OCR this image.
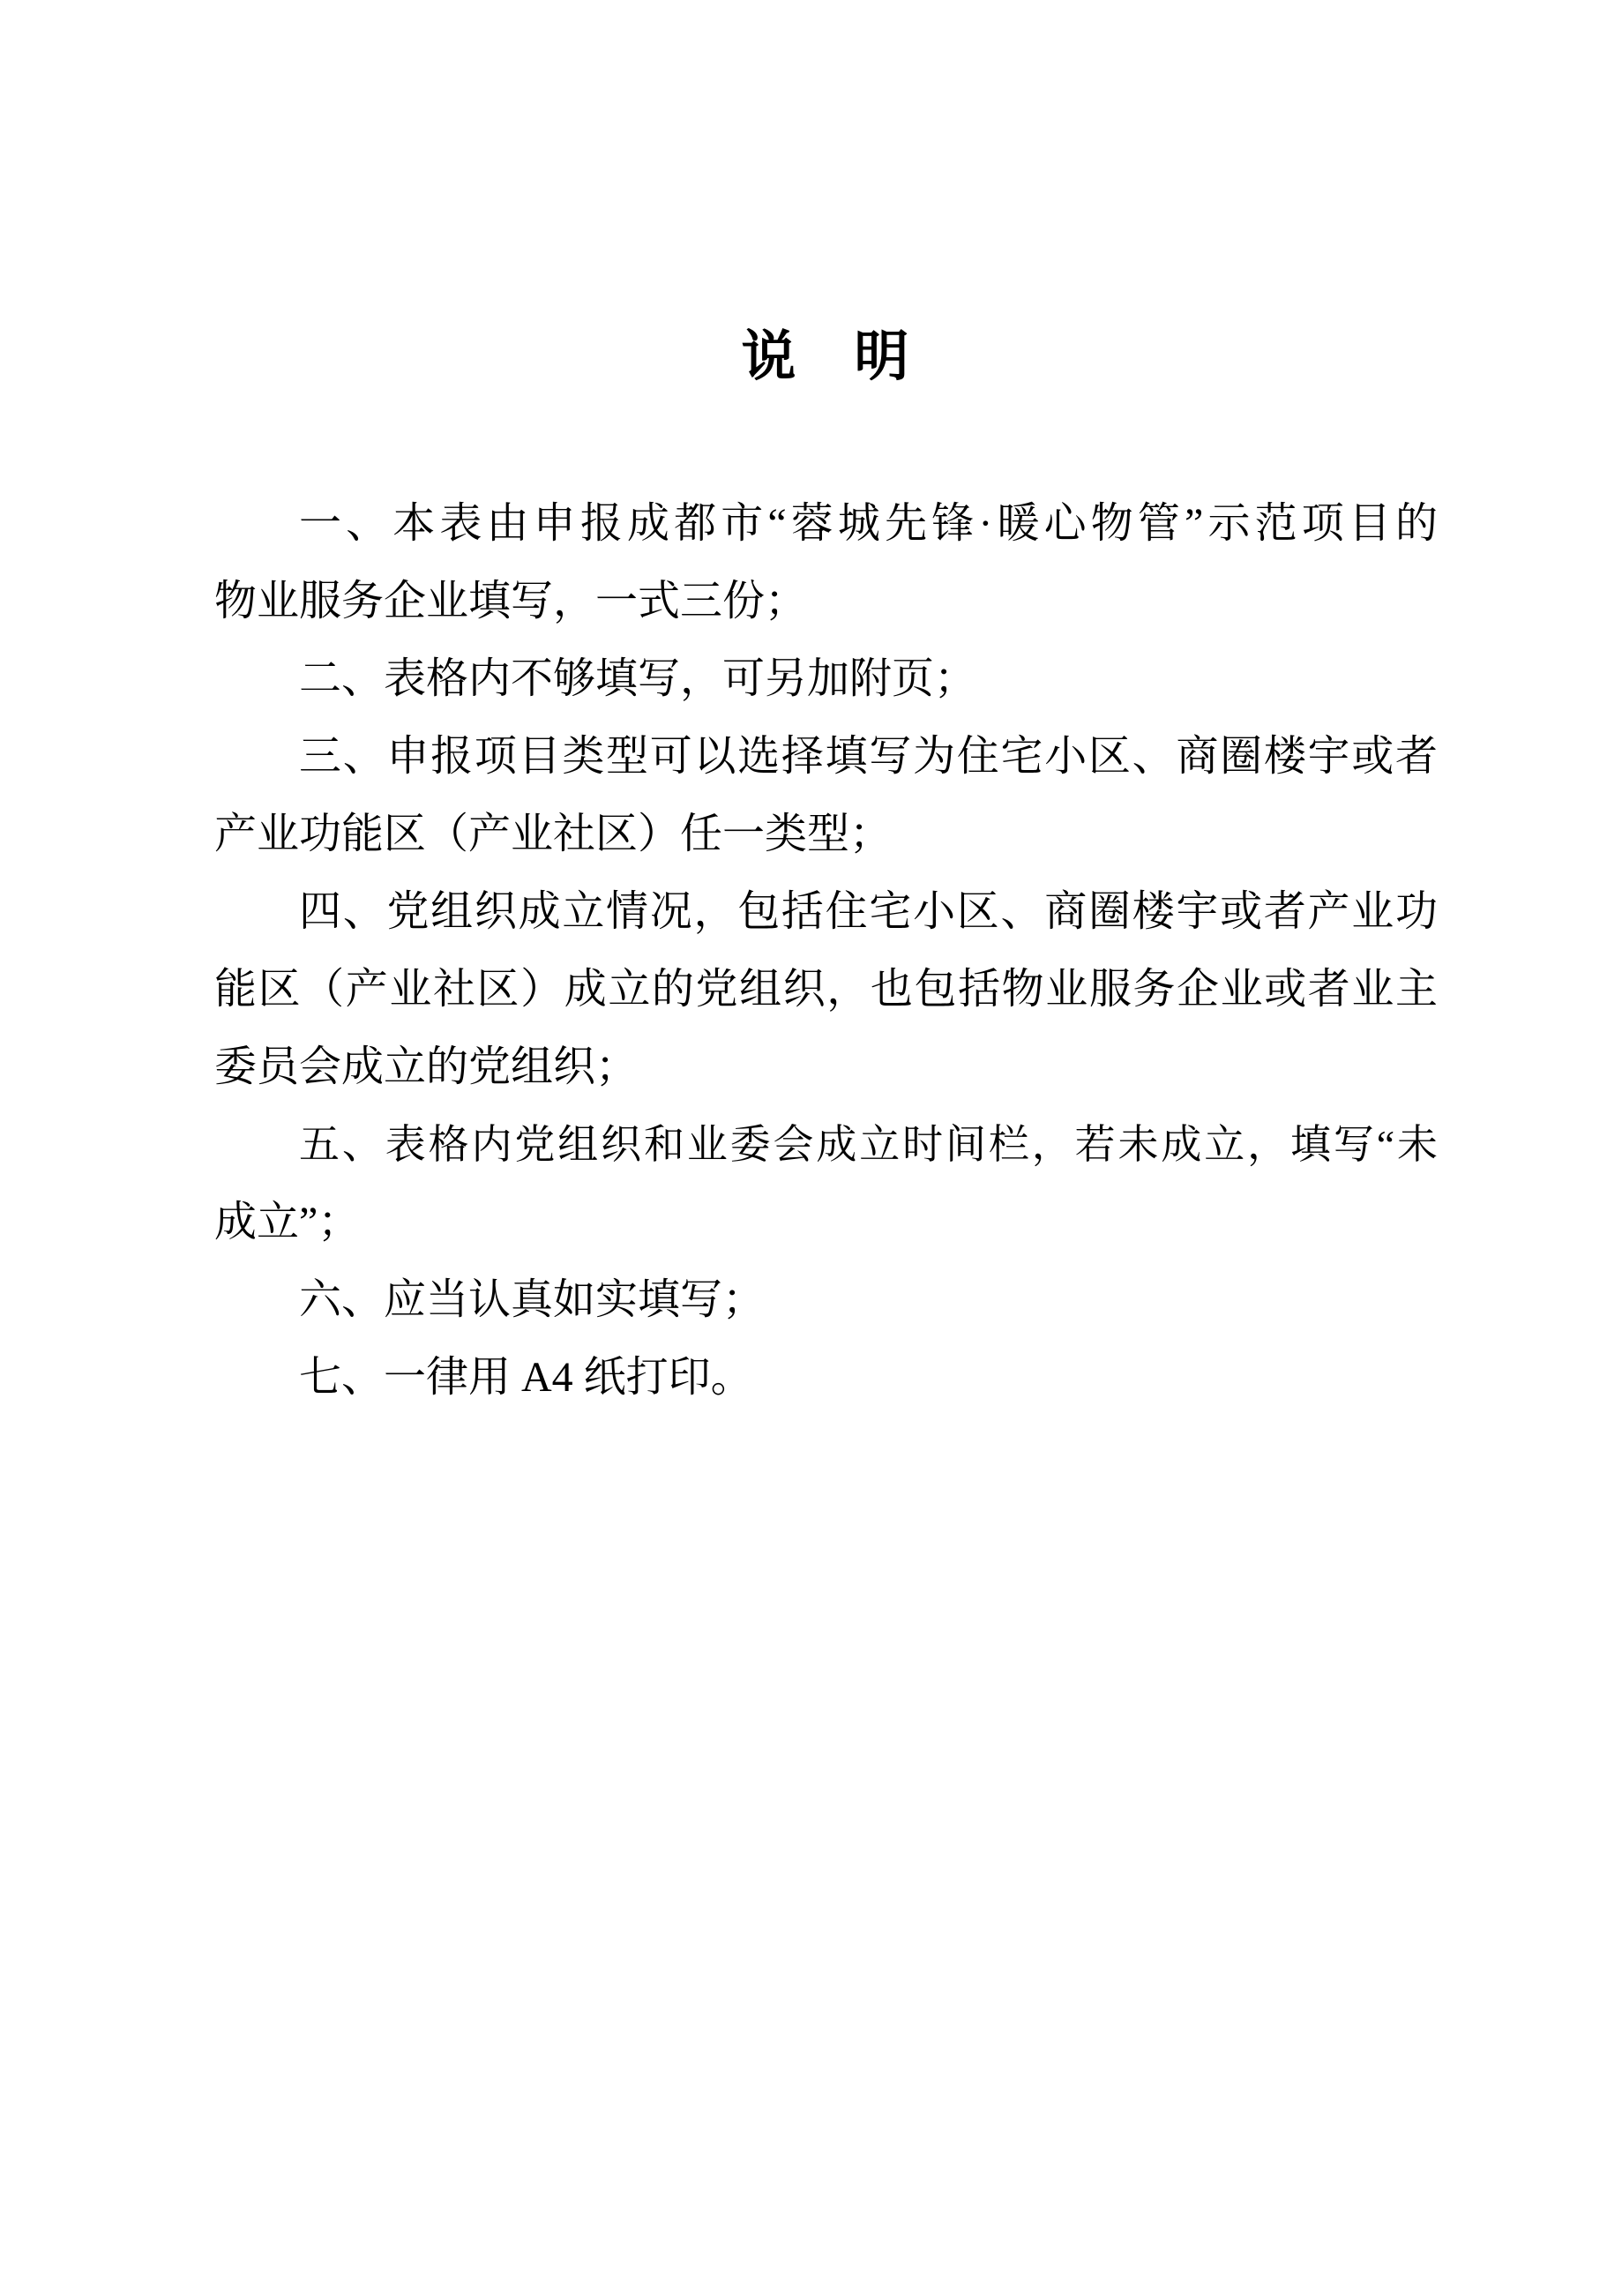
说　明
一、本表由申报成都市“蓉城先锋·暖心物管”示范项目的
物业服务企业填写，一式三份；
二、表格内不够填写，可另加附页；
三、申报项目类型可以选择填写为住宅小区、商圈楼宇或者
产业功能区（产业社区）任一类型；
四、党组织成立情况，包括住宅小区、商圈楼宇或者产业功
能区（产业社区）成立的党组织，也包括物业服务企业或者业主
委员会成立的党组织；
五、表格内党组织和业委会成立时间栏，若未成立，填写“未
成立”；
六、应当认真如实填写；
七、一律用 A4 纸打印。
